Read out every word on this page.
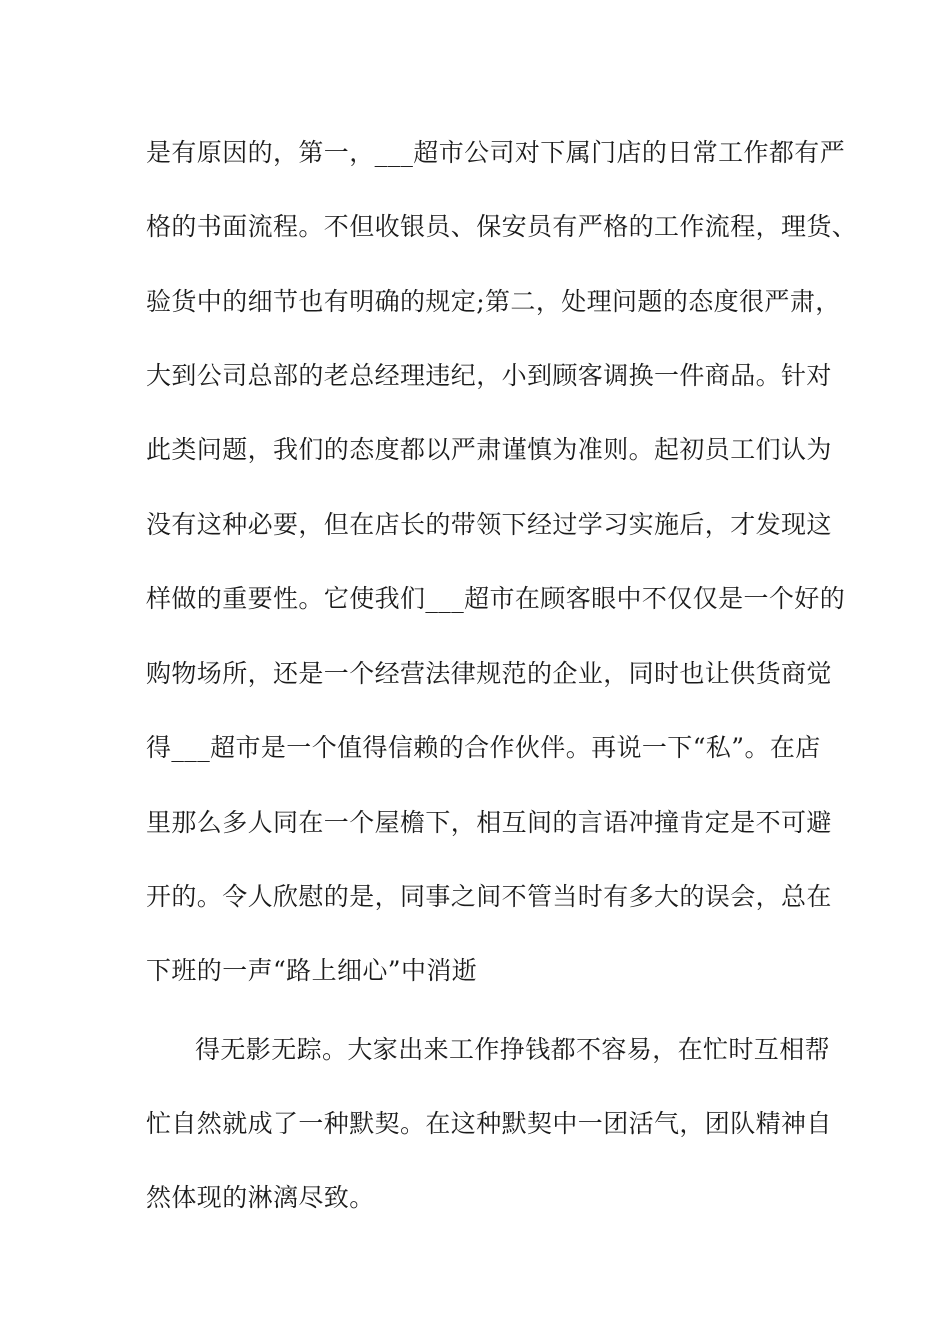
是有原因的，第一，___超市公司对下属门店的日常工作都有严
格的书面流程。不但收银员、保安员有严格的工作流程，理货、
验货中的细节也有明确的规定;第二，处理问题的态度很严肃，
大到公司总部的老总经理违纪，小到顾客调换一件商品。针对
此类问题，我们的态度都以严肃谨慎为准则。起初员工们认为
没有这种必要，但在店长的带领下经过学习实施后，才发现这
样做的重要性。它使我们___超市在顾客眼中不仅仅是一个好的
购物场所，还是一个经营法律规范的企业，同时也让供货商觉
得___超市是一个值得信赖的合作伙伴。再说一下“私”。在店
里那么多人同在一个屋檐下，相互间的言语冲撞肯定是不可避
开的。令人欣慰的是，同事之间不管当时有多大的误会，总在
下班的一声“路上细心”中消逝
得无影无踪。大家出来工作挣钱都不容易，在忙时互相帮
忙自然就成了一种默契。在这种默契中一团活气，团队精神自
然体现的淋漓尽致。
